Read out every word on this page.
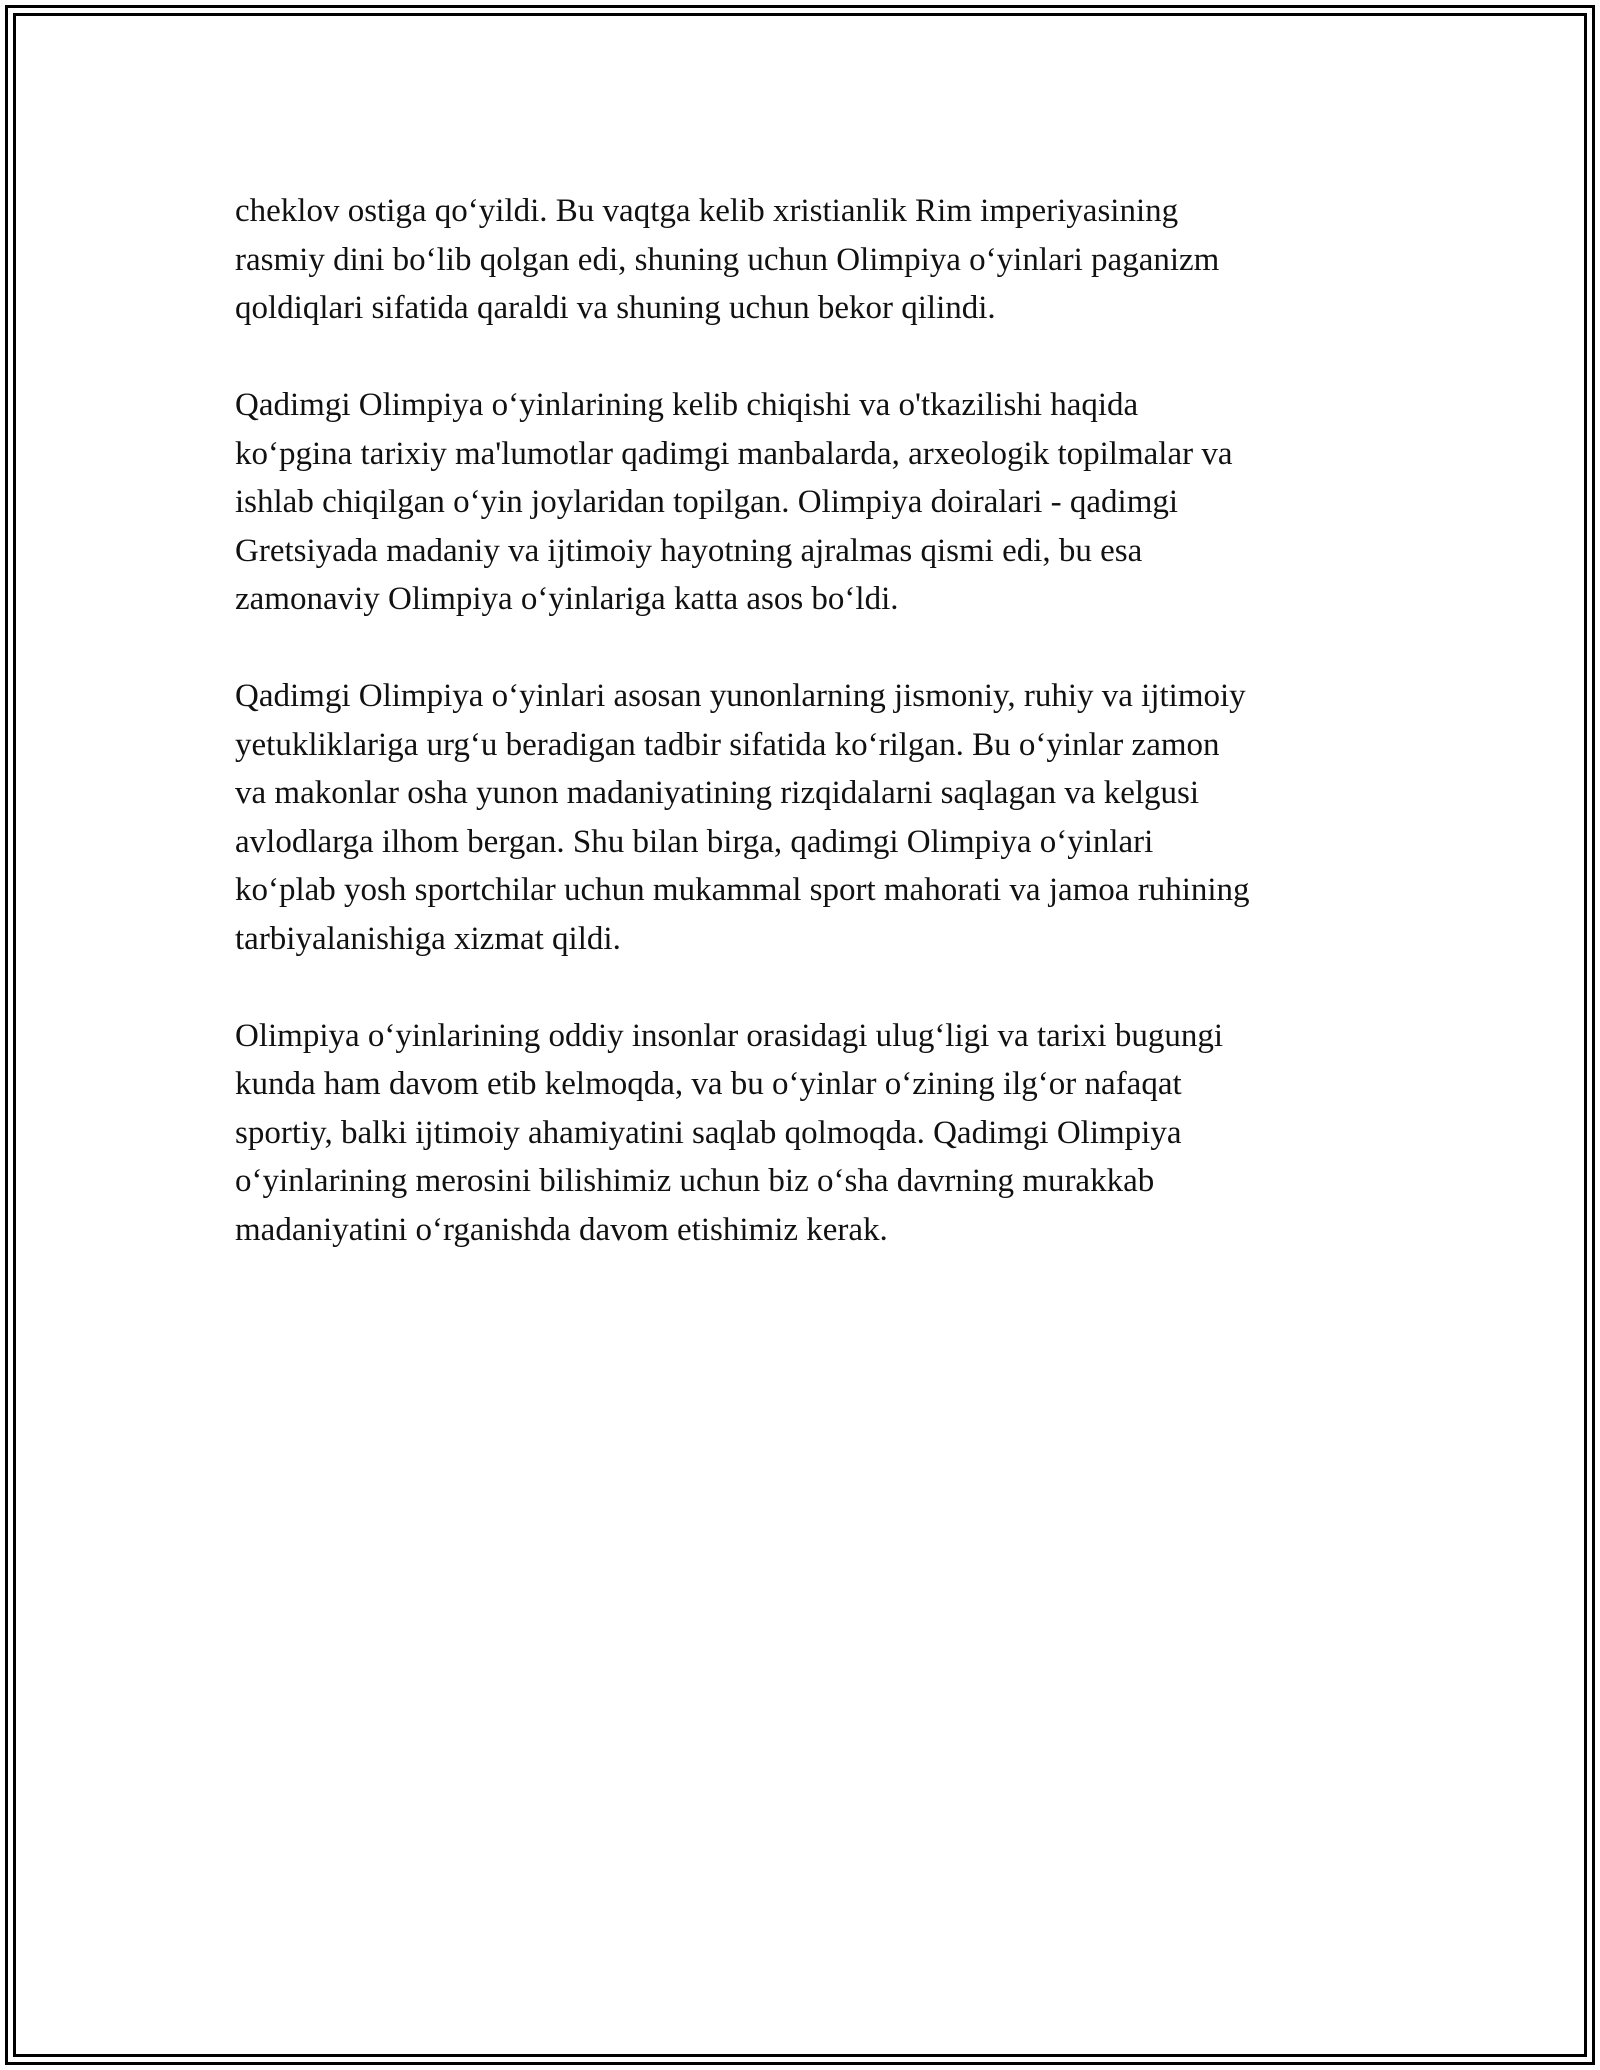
cheklov ostiga qo‘yildi. Bu vaqtga kelib xristianlik Rim imperiyasining
rasmiy dini bo‘lib qolgan edi, shuning uchun Olimpiya o‘yinlari paganizm
qoldiqlari sifatida qaraldi va shuning uchun bekor qilindi.

Qadimgi Olimpiya o‘yinlarining kelib chiqishi va o'tkazilishi haqida
ko‘pgina tarixiy ma'lumotlar qadimgi manbalarda, arxeologik topilmalar va
ishlab chiqilgan o‘yin joylaridan topilgan. Olimpiya doiralari - qadimgi
Gretsiyada madaniy va ijtimoiy hayotning ajralmas qismi edi, bu esa
zamonaviy Olimpiya o‘yinlariga katta asos bo‘ldi.

Qadimgi Olimpiya o‘yinlari asosan yunonlarning jismoniy, ruhiy va ijtimoiy
yetukliklariga urg‘u beradigan tadbir sifatida ko‘rilgan. Bu o‘yinlar zamon
va makonlar osha yunon madaniyatining rizqidalarni saqlagan va kelgusi
avlodlarga ilhom bergan. Shu bilan birga, qadimgi Olimpiya o‘yinlari
ko‘plab yosh sportchilar uchun mukammal sport mahorati va jamoa ruhining
tarbiyalanishiga xizmat qildi.

Olimpiya o‘yinlarining oddiy insonlar orasidagi ulug‘ligi va tarixi bugungi
kunda ham davom etib kelmoqda, va bu o‘yinlar o‘zining ilg‘or nafaqat
sportiy, balki ijtimoiy ahamiyatini saqlab qolmoqda. Qadimgi Olimpiya
o‘yinlarining merosini bilishimiz uchun biz o‘sha davrning murakkab
madaniyatini o‘rganishda davom etishimiz kerak.
